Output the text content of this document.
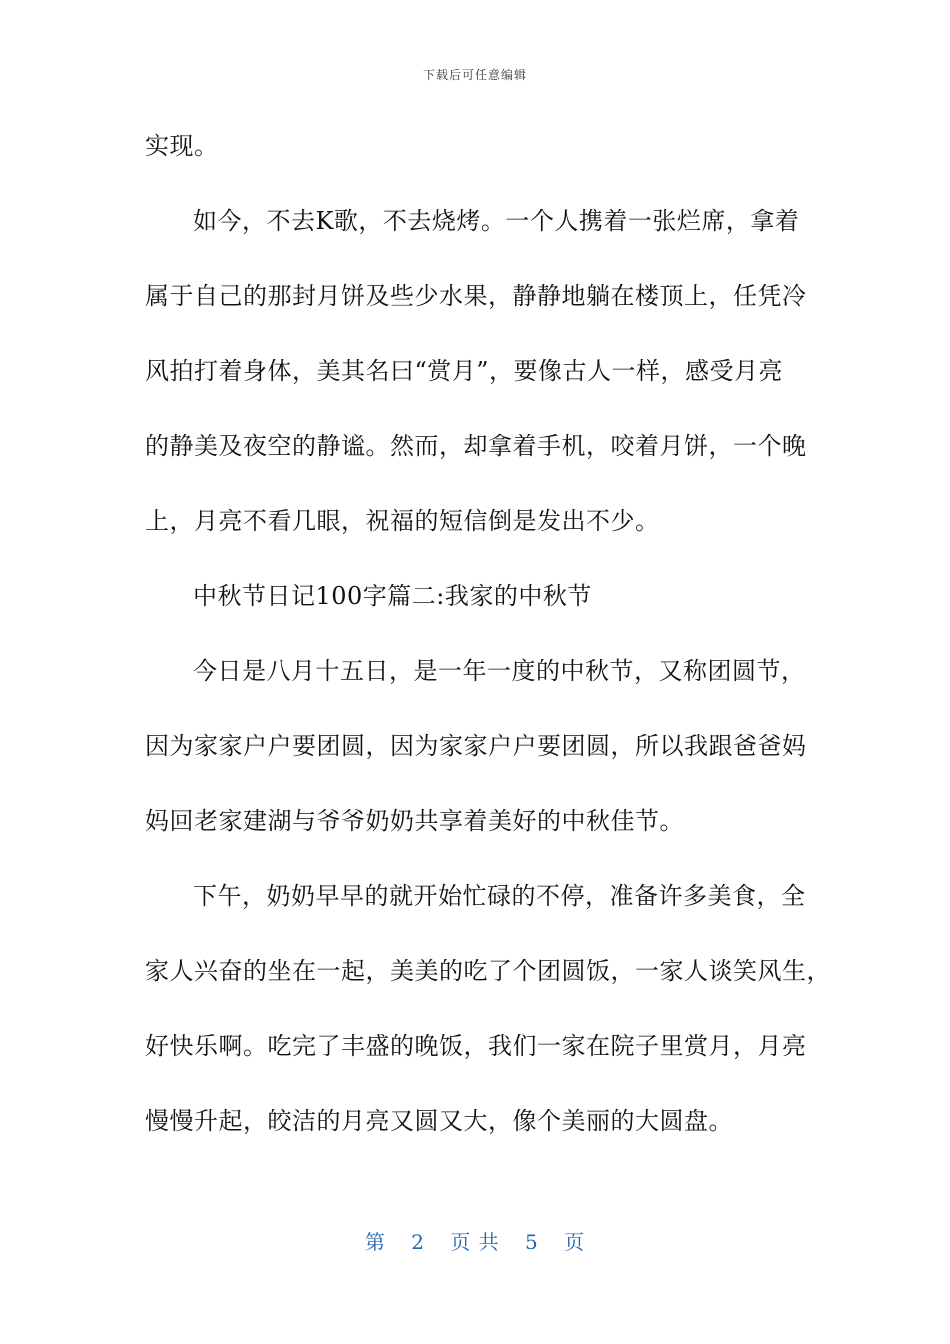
下载后可任意编辑
实现。
如今，不去K歌，不去烧烤。一个人携着一张烂席，拿着
属于自己的那封月饼及些少水果，静静地躺在楼顶上，任凭冷
风拍打着身体，美其名曰“赏月”，要像古人一样，感受月亮
的静美及夜空的静谧。然而，却拿着手机，咬着月饼，一个晚
上，月亮不看几眼，祝福的短信倒是发出不少。
中秋节日记100字篇二:我家的中秋节
今日是八月十五日，是一年一度的中秋节，又称团圆节，
因为家家户户要团圆，因为家家户户要团圆，所以我跟爸爸妈
妈回老家建湖与爷爷奶奶共享着美好的中秋佳节。
下午，奶奶早早的就开始忙碌的不停，准备许多美食，全
家人兴奋的坐在一起，美美的吃了个团圆饭，一家人谈笑风生，
好快乐啊。吃完了丰盛的晚饭，我们一家在院子里赏月，月亮
慢慢升起，皎洁的月亮又圆又大，像个美丽的大圆盘。
第 2 页 共 5 页
